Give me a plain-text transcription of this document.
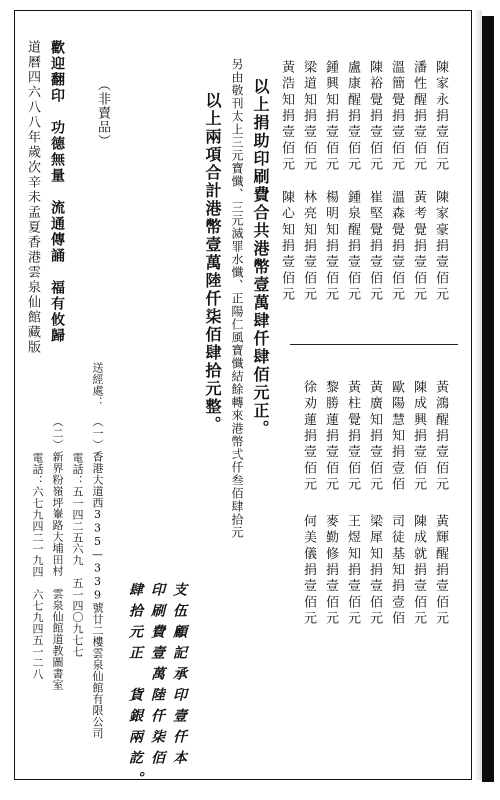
陳家永捐壹佰元
潘性醒捐壹佰元
溫簡覺捐壹佰元
陳裕覺捐壹佰元
盧康醒捐壹佰元
鍾興知捐壹佰元
梁道知捐壹佰元
黃浩知捐壹佰元
陳家豪捐壹佰元
黃考覺捐壹佰元
溫森覺捐壹佰元
崔堅覺捐壹佰元
鍾泉醒捐壹佰元
楊明知捐壹佰元
林亮知捐壹佰元
陳心知捐壹佰元
黃鴻醒捐壹佰元
陳成興捐壹佰元
歐陽慧知捐壹佰
黃廣知捐壹佰元
黃柱覺捐壹佰元
黎勝蓮捐壹佰元
徐劝蓮捐壹佰元
黃輝醒捐壹佰元
陳成就捐壹佰元
司徒基知捐壹佰
梁犀知捐壹佰元
王煜知捐壹佰元
麥勤修捐壹佰元
何美儀捐壹佰元
以上捐助印刷費合共港幣壹萬肆仟肆佰元正。
另由敬刊太上三元寶懺、三元滅罪水懺、正陽仁風寶懺結餘轉來港幣弍仟叁佰肆拾元
以上兩項合計港幣壹萬陸仟柒佰肆拾元整。
送經處：
（一）
香港大道西335—339號廿二樓雲泉仙館有限公司
電話：
五一四二五六九　五一四〇九七七
（二）
新界粉嶺坪輋路大埔田村　雲泉仙館道教圖書室
電話：
六七九四二一九四　六七九四五一二八	支伍顧記承印壹仟本
印刷費壹萬陸仟柒佰
肆拾元正　貨銀兩訖。
（非賣品）
歡迎翻印　功德無量　流通傳誦　福有攸歸
道曆四六八八年歲次辛未孟夏香港雲泉仙館藏版
